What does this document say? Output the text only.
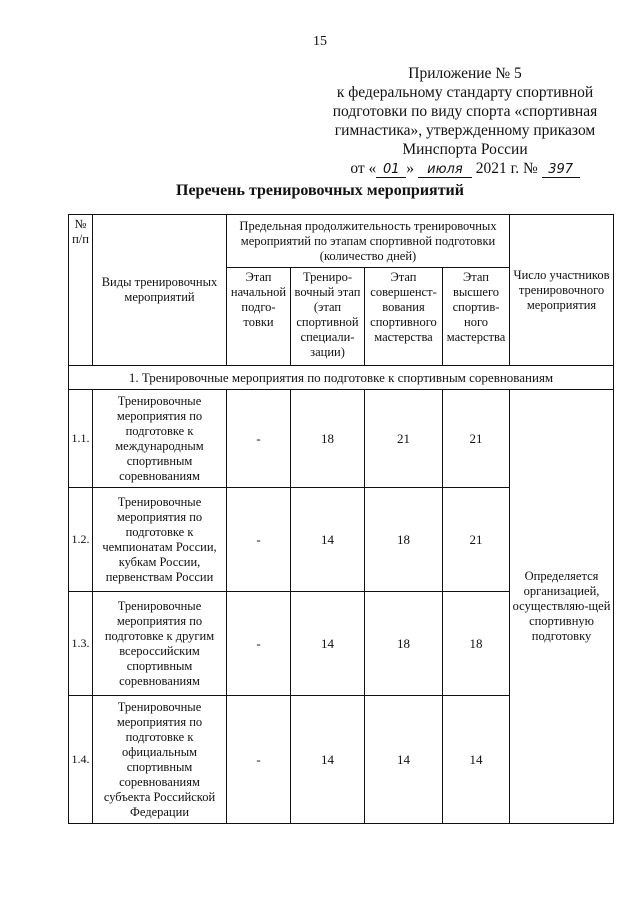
15
Приложение № 5
к федеральному стандарту спортивной
подготовки по виду спорта «спортивная
гимнастика», утвержденному приказом
Минспорта России
от « 01 » июля 2021 г. № 397
Перечень тренировочных мероприятий
№ п/п	Виды тренировочных мероприятий	Предельная продолжительность тренировочных мероприятий по этапам спортивной подготовки (количество дней)				Число участников тренировочного мероприятия
		Этап начальной подго-товки	Трениро-вочный этап (этап спортивной специали-зации)	Этап совершенст-вования спортивного мастерства	Этап высшего спортив-ного мастерства	
1. Тренировочные мероприятия по подготовке к спортивным соревнованиям						
1.1.	Тренировочные мероприятия по подготовке к международным спортивным соревнованиям	-	18	21	21	Определяется организацией, осуществляю-щей спортивную подготовку
1.2.	Тренировочные мероприятия по подготовке к чемпионатам России, кубкам России, первенствам России	-	14	18	21	
1.3.	Тренировочные мероприятия по подготовке к другим всероссийским спортивным соревнованиям	-	14	18	18	
1.4.	Тренировочные мероприятия по подготовке к официальным спортивным соревнованиям субъекта Российской Федерации	-	14	14	14	
